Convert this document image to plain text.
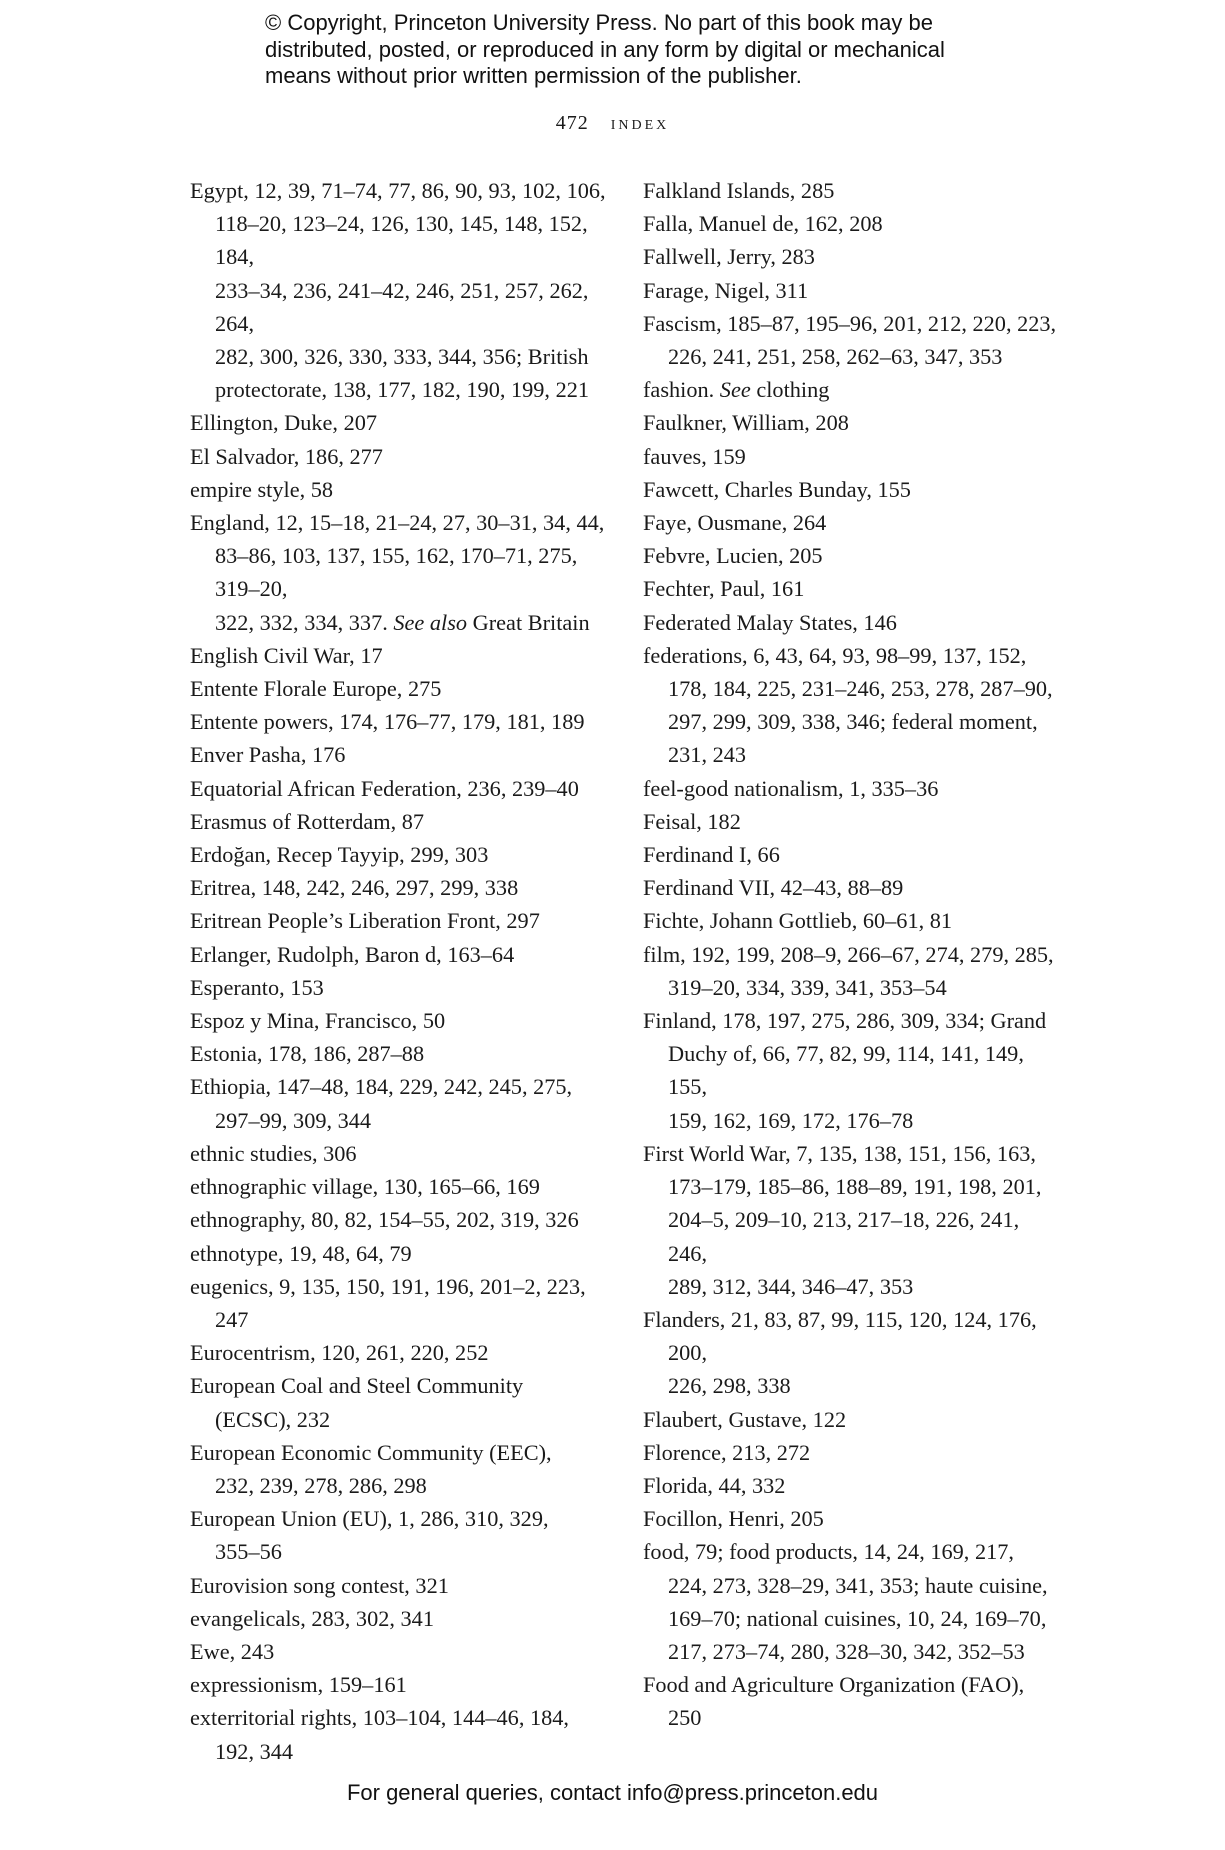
© Copyright, Princeton University Press. No part of this book may be
distributed, posted, or reproduced in any form by digital or mechanical
means without prior written permission of the publisher.
472 index

Egypt, 12, 39, 71–74, 77, 86, 90, 93, 102, 106,
118–20, 123–24, 126, 130, 145, 148, 152, 184,
233–34, 236, 241–42, 246, 251, 257, 262, 264,
282, 300, 326, 330, 333, 344, 356; British
protectorate, 138, 177, 182, 190, 199, 221

Ellington, Duke, 207

El Salvador, 186, 277

empire style, 58

England, 12, 15–18, 21–24, 27, 30–31, 34, 44,
83–86, 103, 137, 155, 162, 170–71, 275, 319–20,
322, 332, 334, 337. See also Great Britain

English Civil War, 17

Entente Florale Europe, 275

Entente powers, 174, 176–77, 179, 181, 189

Enver Pasha, 176

Equatorial African Federation, 236, 239–40

Erasmus of Rotterdam, 87

Erdoğan, Recep Tayyip, 299, 303

Eritrea, 148, 242, 246, 297, 299, 338

Eritrean People’s Liberation Front, 297

Erlanger, Rudolph, Baron d, 163–64

Esperanto, 153

Espoz y Mina, Francisco, 50

Estonia, 178, 186, 287–88

Ethiopia, 147–48, 184, 229, 242, 245, 275,
297–99, 309, 344

ethnic studies, 306

ethnographic village, 130, 165–66, 169

ethnography, 80, 82, 154–55, 202, 319, 326

ethnotype, 19, 48, 64, 79

eugenics, 9, 135, 150, 191, 196, 201–2, 223, 247

Eurocentrism, 120, 261, 220, 252

European Coal and Steel Community
(ECSC), 232

European Economic Community (EEC),
232, 239, 278, 286, 298

European Union (EU), 1, 286, 310, 329,
355–56

Eurovision song contest, 321

evangelicals, 283, 302, 341

Ewe, 243

expressionism, 159–161

exterritorial rights, 103–104, 144–46, 184,
192, 344

Falkland Islands, 285

Falla, Manuel de, 162, 208

Fallwell, Jerry, 283

Farage, Nigel, 311

Fascism, 185–87, 195–96, 201, 212, 220, 223,
226, 241, 251, 258, 262–63, 347, 353

fashion. See clothing

Faulkner, William, 208

fauves, 159

Fawcett, Charles Bunday, 155

Faye, Ousmane, 264

Febvre, Lucien, 205

Fechter, Paul, 161

Federated Malay States, 146

federations, 6, 43, 64, 93, 98–99, 137, 152,
178, 184, 225, 231–246, 253, 278, 287–90,
297, 299, 309, 338, 346; federal moment,
231, 243

feel-good nationalism, 1, 335–36

Feisal, 182

Ferdinand I, 66

Ferdinand VII, 42–43, 88–89

Fichte, Johann Gottlieb, 60–61, 81

film, 192, 199, 208–9, 266–67, 274, 279, 285,
319–20, 334, 339, 341, 353–54

Finland, 178, 197, 275, 286, 309, 334; Grand
Duchy of, 66, 77, 82, 99, 114, 141, 149, 155,
159, 162, 169, 172, 176–78

First World War, 7, 135, 138, 151, 156, 163,
173–179, 185–86, 188–89, 191, 198, 201,
204–5, 209–10, 213, 217–18, 226, 241, 246,
289, 312, 344, 346–47, 353

Flanders, 21, 83, 87, 99, 115, 120, 124, 176, 200,
226, 298, 338

Flaubert, Gustave, 122

Florence, 213, 272

Florida, 44, 332

Focillon, Henri, 205

food, 79; food products, 14, 24, 169, 217,
224, 273, 328–29, 341, 353; haute cuisine,
169–70; national cuisines, 10, 24, 169–70,
217, 273–74, 280, 328–30, 342, 352–53

Food and Agriculture Organization (FAO),
250

For general queries, contact info@press.princeton.edu
